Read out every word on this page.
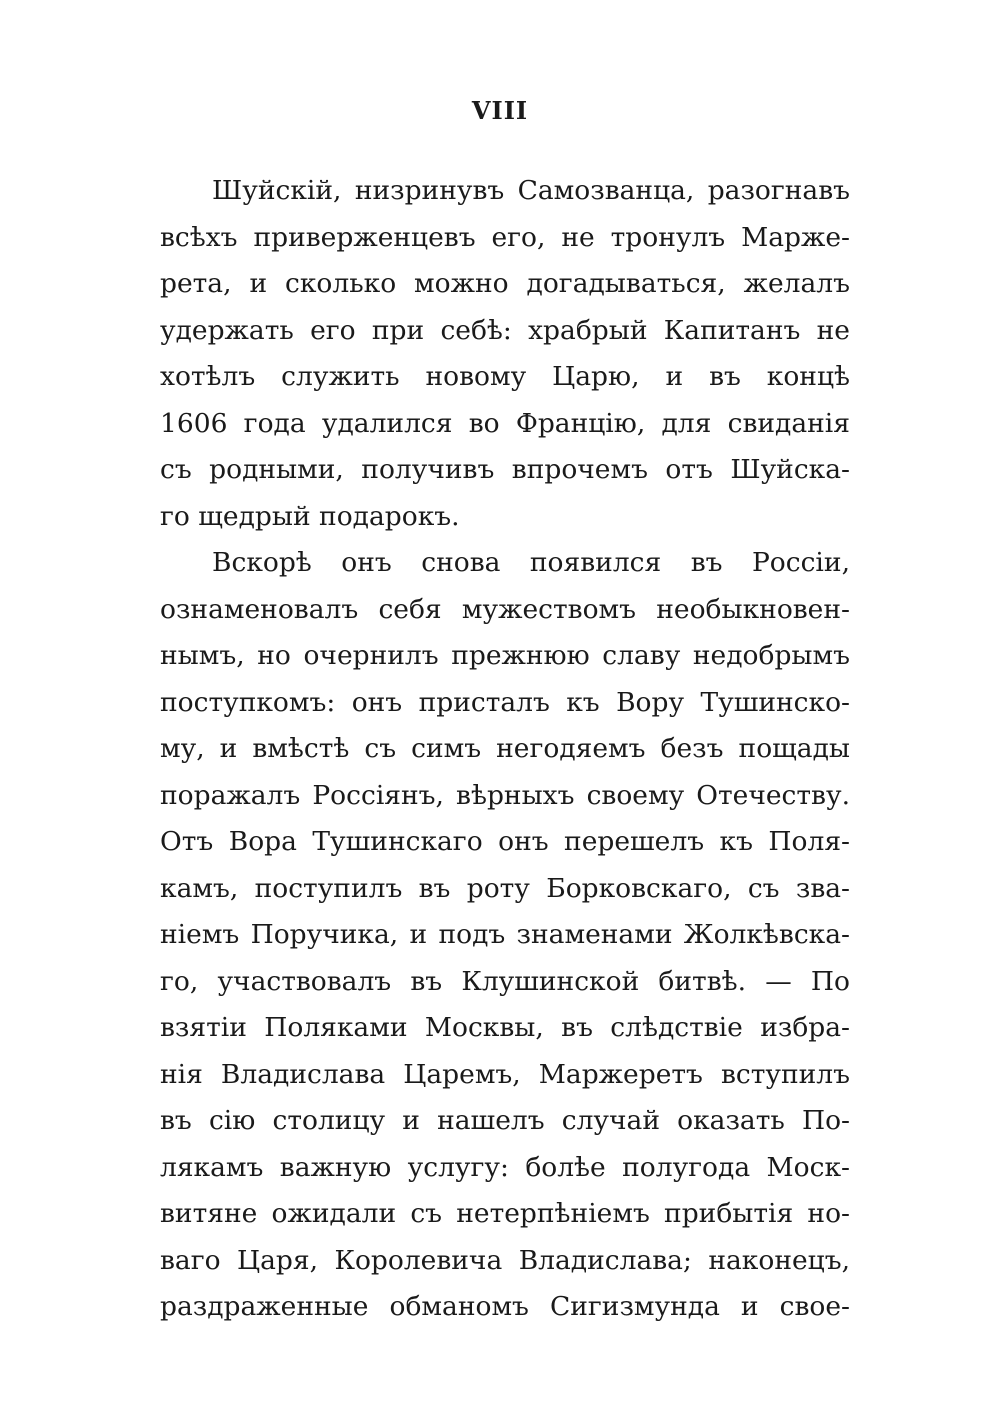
VIII
Шуйскій, низринувъ Самозванца, разогнавъ
всѣхъ приверженцевъ его, не тронулъ Маржe-
рета, и сколько можно догадываться, желалъ
удержать его при себѣ: храбрый Капитанъ не
хотѣлъ служить новому Царю, и въ концѣ
1606 года удалился во Францію, для свиданія
съ родными, получивъ впрочемъ отъ Шуйска-
го щедрый подарокъ.
Вскорѣ онъ снова появился въ Россіи,
ознаменовалъ себя мужествомъ необыкновен-
нымъ, но очернилъ прежнюю славу недобрымъ
поступкомъ: онъ присталъ къ Вору Тушинско-
му, и вмѣстѣ съ симъ негодяемъ безъ пощады
поражалъ Россіянъ, вѣрныхъ своему Отечеству.
Отъ Вора Тушинскаго онъ перешелъ къ Поля-
камъ, поступилъ въ роту Борковскаго, съ зва-
ніемъ Поручика, и подъ знаменами Жолкѣвска-
го, участвовалъ въ Клушинской битвѣ. — По
взятіи Поляками Москвы, въ слѣдствіе избра-
нія Владислава Царемъ, Маржеретъ вступилъ
въ сію столицу и нашелъ случай оказать По-
лякамъ важную услугу: болѣе полугода Моск-
витяне ожидали съ нетерпѣніемъ прибытія но-
ваго Царя, Королевича Владислава; наконецъ,
раздраженные обманомъ Сигизмунда и свое-
